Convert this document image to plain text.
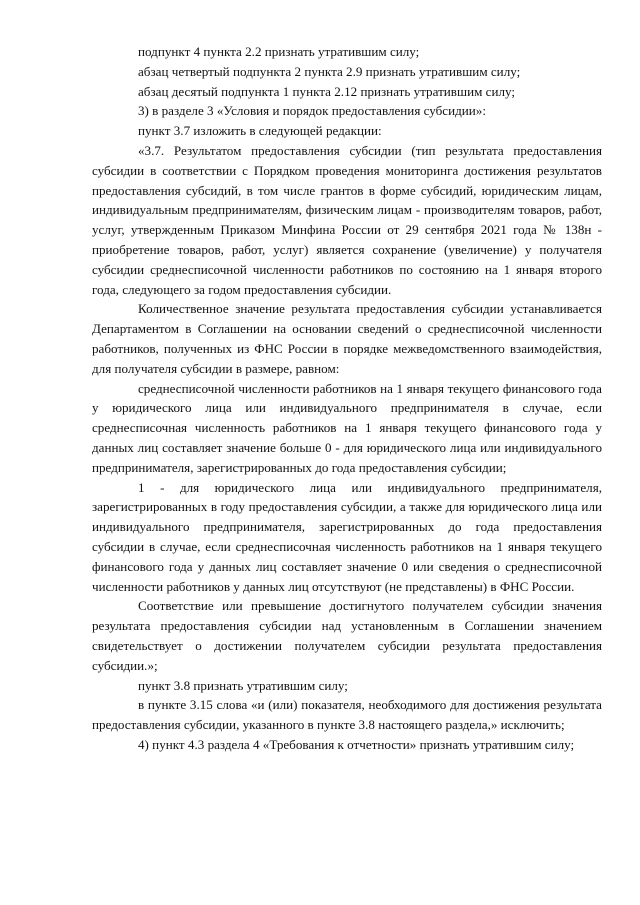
подпункт 4 пункта 2.2 признать утратившим силу;

абзац четвертый подпункта 2 пункта 2.9 признать утратившим силу;

абзац десятый подпункта 1 пункта 2.12 признать утратившим силу;

3) в разделе 3 «Условия и порядок предоставления субсидии»:

пункт 3.7 изложить в следующей редакции:

«3.7. Результатом предоставления субсидии (тип результата предоставления субсидии в соответствии с Порядком проведения мониторинга достижения результатов предоставления субсидий, в том числе грантов в форме субсидий, юридическим лицам, индивидуальным предпринимателям, физическим лицам - производителям товаров, работ, услуг, утвержденным Приказом Минфина России от 29 сентября 2021 года № 138н - приобретение товаров, работ, услуг) является сохранение (увеличение) у получателя субсидии среднесписочной численности работников по состоянию на 1 января второго года, следующего за годом предоставления субсидии.

Количественное значение результата предоставления субсидии устанавливается Департаментом в Соглашении на основании сведений о среднесписочной численности работников, полученных из ФНС России в порядке межведомственного взаимодействия, для получателя субсидии в размере, равном:

среднесписочной численности работников на 1 января текущего финансового года у юридического лица или индивидуального предпринимателя в случае, если среднесписочная численность работников на 1 января текущего финансового года у данных лиц составляет значение больше 0 - для юридического лица или индивидуального предпринимателя, зарегистрированных до года предоставления субсидии;

1 - для юридического лица или индивидуального предпринимателя, зарегистрированных в году предоставления субсидии, а также для юридического лица или индивидуального предпринимателя, зарегистрированных до года предоставления субсидии в случае, если среднесписочная численность работников на 1 января текущего финансового года у данных лиц составляет значение 0 или сведения о среднесписочной численности работников у данных лиц отсутствуют (не представлены) в ФНС России.

Соответствие или превышение достигнутого получателем субсидии значения результата предоставления субсидии над установленным в Соглашении значением свидетельствует о достижении получателем субсидии результата предоставления субсидии.»;

пункт 3.8 признать утратившим силу;

в пункте 3.15 слова «и (или) показателя, необходимого для достижения результата предоставления субсидии, указанного в пункте 3.8 настоящего раздела,» исключить;

4) пункт 4.3 раздела 4 «Требования к отчетности» признать утратившим силу;
